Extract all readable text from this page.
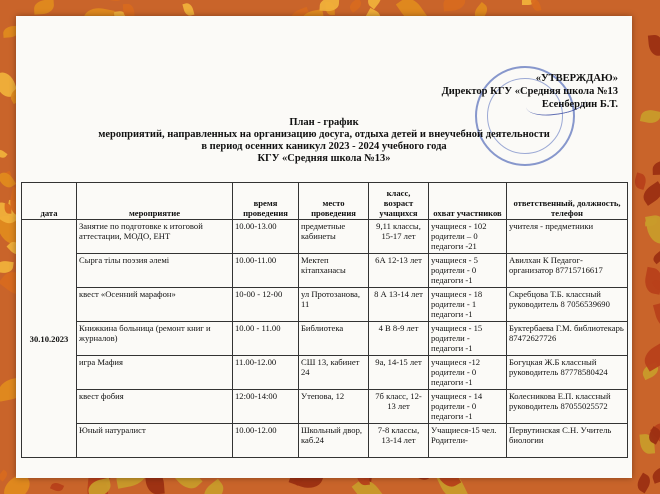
«УТВЕРЖДАЮ»
Директор КГУ «Средняя школа №13
Есенбердин Б.Т.
План - график
мероприятий, направленных на организацию досуга, отдыха детей и внеучебной деятельности
в период осенних каникул 2023 - 2024 учебного года
КГУ «Средняя школа №13»
дата	мероприятие	время проведения	место проведения	класс, возраст учащихся	охват участников	ответственный, должность, телефон
30.10.2023	Занятие по подготовке к итоговой аттестации, МОДО, ЕНТ	10.00-13.00	предметные кабинеты	9,11 классы, 15-17 лет	учащиеся - 102 родители – 0 педагоги -21	учителя - предметники
	Сырга тілы поэзия әлемі	10.00-11.00	Мектеп кітапханасы	6А 12-13 лет	учащиеся - 5 родители - 0 педагоги -1	Авилхан К Педагог-организатор 87715716617
	квест «Осенний марафон»	10-00 - 12-00	ул Протозанова, 11	8 А 13-14 лет	учащиеся - 18 родители - 1 педагоги -1	Скребцова Т.Б. классный руководитель 8 7056539690
	Книжкина больница (ремонт книг и журналов)	10.00 - 11.00	Библиотека	4 В 8-9 лет	учащиеся - 15 родители - педагоги -1	Буктербаева Г.М. библиотекарь 87472627726
	игра Мафия	11.00-12.00	СШ 13, кабинет 24	9а, 14-15 лет	учащиеся -12 родители - 0 педагоги -1	Богуцкая Ж.Б классный руководитель 87778580424
	квест фобия	12:00-14:00	Утепова, 12	7б класс, 12-13 лет	учащиеся - 14 родители - 0 педагоги -1	Колесникова Е.П. классный руководитель 87055025572
	Юный натуралист	10.00-12.00	Школьный двор, каб.24	7-8 классы, 13-14 лет	Учащиеся-15 чел. Родители-	Первутинская С.Н. Учитель биологии
